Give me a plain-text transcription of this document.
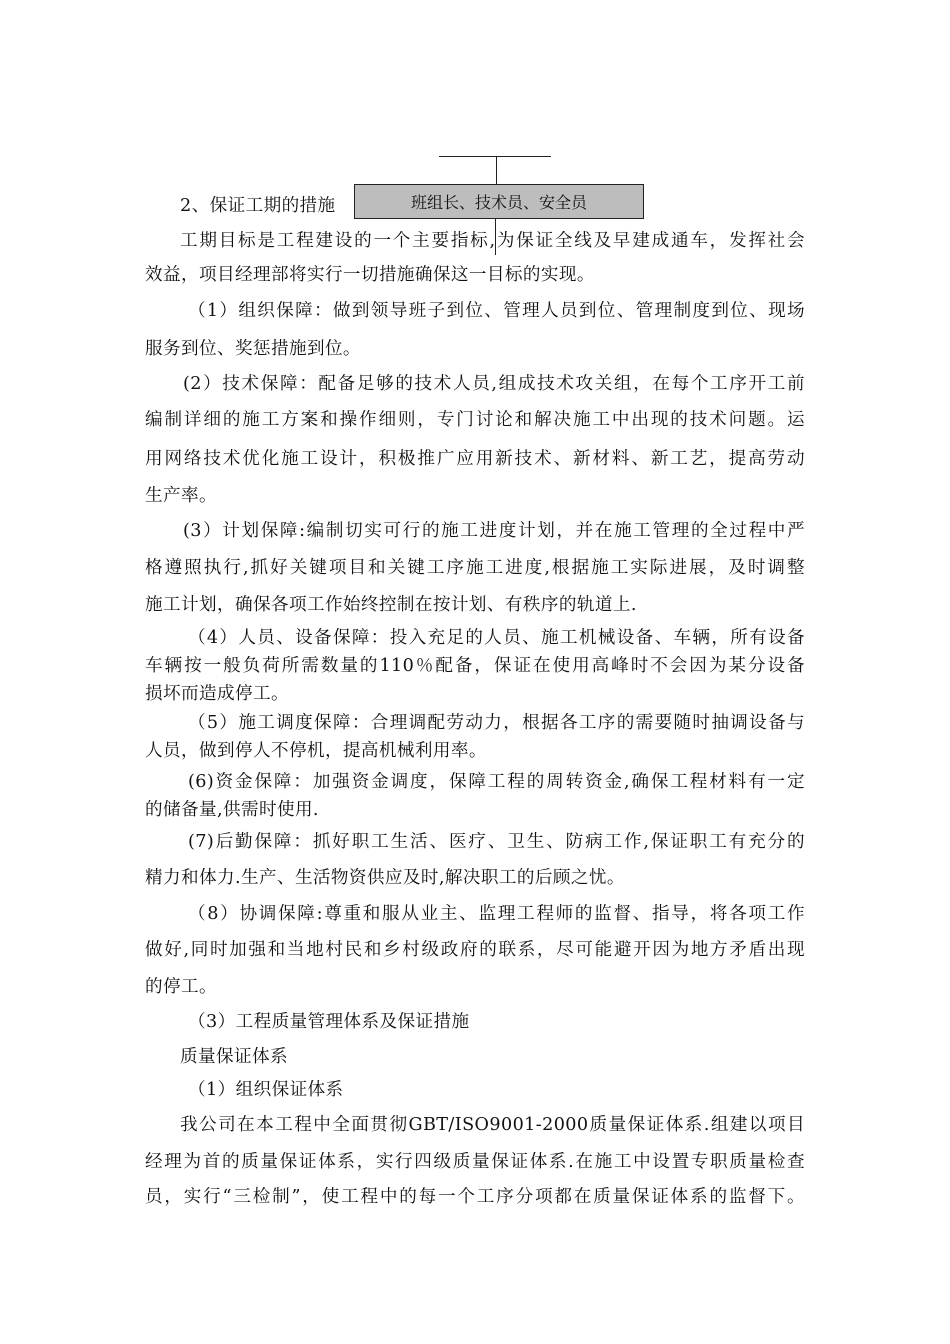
班组长、技术员、安全员
2、保证工期的措施
工期目标是工程建设的一个主要指标,为保证全线及早建成通车，发挥社会
效益，项目经理部将实行一切措施确保这一目标的实现。
（1）组织保障：做到领导班子到位、管理人员到位、管理制度到位、现场
服务到位、奖惩措施到位。
(2）技术保障：配备足够的技术人员,组成技术攻关组，在每个工序开工前
编制详细的施工方案和操作细则，专门讨论和解决施工中出现的技术问题。运
用网络技术优化施工设计，积极推广应用新技术、新材料、新工艺，提高劳动
生产率。
(3）计划保障:编制切实可行的施工进度计划，并在施工管理的全过程中严
格遵照执行,抓好关键项目和关键工序施工进度,根据施工实际进展，及时调整
施工计划，确保各项工作始终控制在按计划、有秩序的轨道上.
（4）人员、设备保障：投入充足的人员、施工机械设备、车辆，所有设备
车辆按一般负荷所需数量的110％配备，保证在使用高峰时不会因为某分设备
损坏而造成停工。
（5）施工调度保障：合理调配劳动力，根据各工序的需要随时抽调设备与
人员，做到停人不停机，提高机械利用率。
(6)资金保障：加强资金调度，保障工程的周转资金,确保工程材料有一定
的储备量,供需时使用.
(7)后勤保障：抓好职工生活、医疗、卫生、防病工作,保证职工有充分的
精力和体力.生产、生活物资供应及时,解决职工的后顾之忧。
（8）协调保障:尊重和服从业主、监理工程师的监督、指导，将各项工作
做好,同时加强和当地村民和乡村级政府的联系，尽可能避开因为地方矛盾出现
的停工。
（3）工程质量管理体系及保证措施
质量保证体系
（1）组织保证体系
我公司在本工程中全面贯彻GBT/ISO9001-2000质量保证体系.组建以项目
经理为首的质量保证体系，实行四级质量保证体系.在施工中设置专职质量检查
员，实行“三检制”，使工程中的每一个工序分项都在质量保证体系的监督下。
